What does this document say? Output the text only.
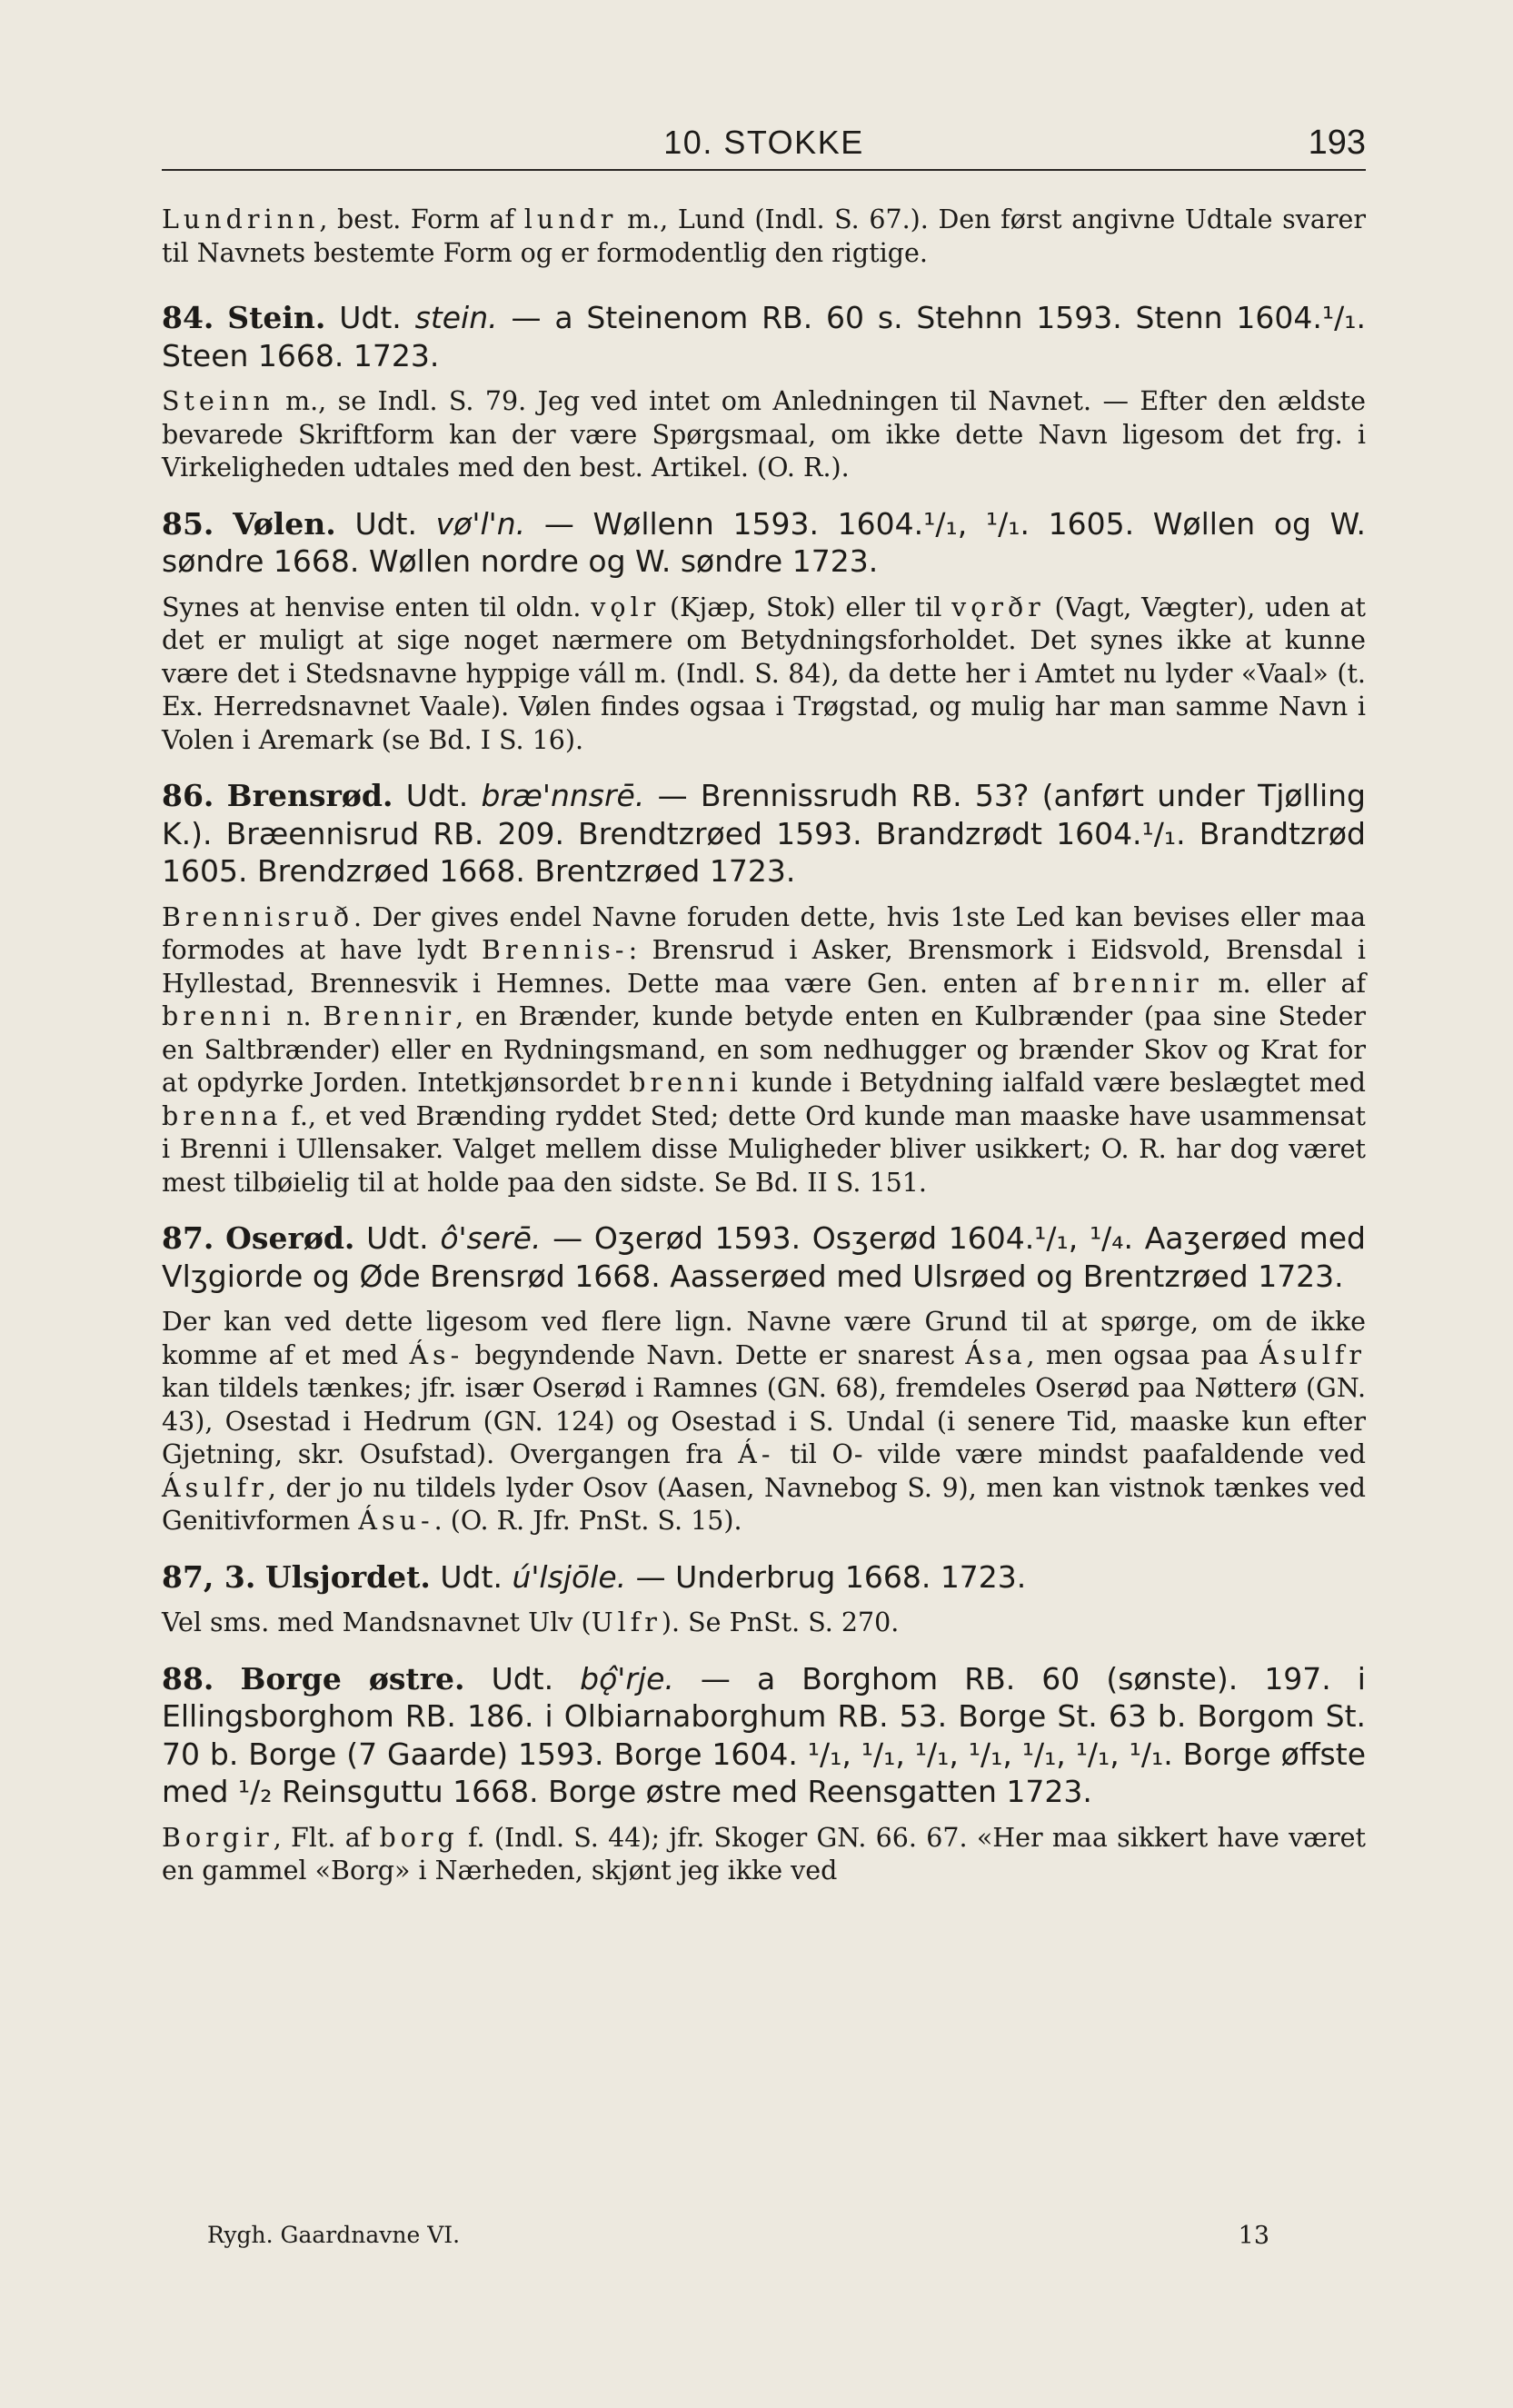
10. STOKKE	193

Lundrinn, best. Form af lundr m., Lund (Indl. S. 67.). Den først angivne Udtale svarer til Navnets bestemte Form og er formodentlig den rigtige.

84. Stein. Udt. stein. — a Steinenom RB. 60 s. Stehnn 1593. Stenn 1604.¹/₁. Steen 1668. 1723.

Steinn m., se Indl. S. 79. Jeg ved intet om Anledningen til Navnet. — Efter den ældste bevarede Skriftform kan der være Spørgsmaal, om ikke dette Navn ligesom det frg. i Virkeligheden udtales med den best. Artikel. (O. R.).

85. Vølen. Udt. vø'l'n. — Wøllenn 1593. 1604.¹/₁, ¹/₁. 1605. Wøllen og W. søndre 1668. Wøllen nordre og W. søndre 1723.

Synes at henvise enten til oldn. vǫlr (Kjæp, Stok) eller til vǫrðr (Vagt, Vægter), uden at det er muligt at sige noget nærmere om Betydningsforholdet. Det synes ikke at kunne være det i Stedsnavne hyppige váll m. (Indl. S. 84), da dette her i Amtet nu lyder «Vaal» (t. Ex. Herredsnavnet Vaale). Vølen findes ogsaa i Trøgstad, og mulig har man samme Navn i Volen i Aremark (se Bd. I S. 16).

86. Brensrød. Udt. bræ'nnsrē. — Brennissrudh RB. 53? (anført under Tjølling K.). Bræennisrud RB. 209. Brendtzrøed 1593. Brandzrødt 1604.¹/₁. Brandtzrød 1605. Brendzrøed 1668. Brentzrøed 1723.

Brennisruð. Der gives endel Navne foruden dette, hvis 1ste Led kan bevises eller maa formodes at have lydt Brennis-: Brensrud i Asker, Brensmork i Eidsvold, Brensdal i Hyllestad, Brennesvik i Hemnes. Dette maa være Gen. enten af brennir m. eller af brenni n. Brennir, en Brænder, kunde betyde enten en Kulbrænder (paa sine Steder en Saltbrænder) eller en Rydningsmand, en som nedhugger og brænder Skov og Krat for at opdyrke Jorden. Intetkjønsordet brenni kunde i Betydning ialfald være beslægtet med brenna f., et ved Brænding ryddet Sted; dette Ord kunde man maaske have usammensat i Brenni i Ullensaker. Valget mellem disse Muligheder bliver usikkert; O. R. har dog været mest tilbøielig til at holde paa den sidste. Se Bd. II S. 151.

87. Oserød. Udt. ô'serē. — Oʒerød 1593. Osʒerød 1604.¹/₁, ¹/₄. Aaʒerøed med Vlʒgiorde og Øde Brensrød 1668. Aasserøed med Ulsrøed og Brentzrøed 1723.

Der kan ved dette ligesom ved flere lign. Navne være Grund til at spørge, om de ikke komme af et med Ás- begyndende Navn. Dette er snarest Ása, men ogsaa paa Ásulfr kan tildels tænkes; jfr. især Oserød i Ramnes (GN. 68), fremdeles Oserød paa Nøtterø (GN. 43), Osestad i Hedrum (GN. 124) og Osestad i S. Undal (i senere Tid, maaske kun efter Gjetning, skr. Osufstad). Overgangen fra Á- til O- vilde være mindst paafaldende ved Ásulfr, der jo nu tildels lyder Osov (Aasen, Navnebog S. 9), men kan vistnok tænkes ved Genitivformen Ásu-. (O. R. Jfr. PnSt. S. 15).

87, 3. Ulsjordet. Udt. ú'lsjōle. — Underbrug 1668. 1723.

Vel sms. med Mandsnavnet Ulv (Ulfr). Se PnSt. S. 270.

88. Borge østre. Udt. bǫ̂'rje. — a Borghom RB. 60 (sønste). 197. i Ellingsborghom RB. 186. i Olbiarnaborghum RB. 53. Borge St. 63 b. Borgom St. 70 b. Borge (7 Gaarde) 1593. Borge 1604. ¹/₁, ¹/₁, ¹/₁, ¹/₁, ¹/₁, ¹/₁, ¹/₁. Borge øffste med ¹/₂ Reinsguttu 1668. Borge østre med Reensgatten 1723.

Borgir, Flt. af borg f. (Indl. S. 44); jfr. Skoger GN. 66. 67. «Her maa sikkert have været en gammel «Borg» i Nærheden, skjønt jeg ikke ved

Rygh. Gaardnavne VI.	13
